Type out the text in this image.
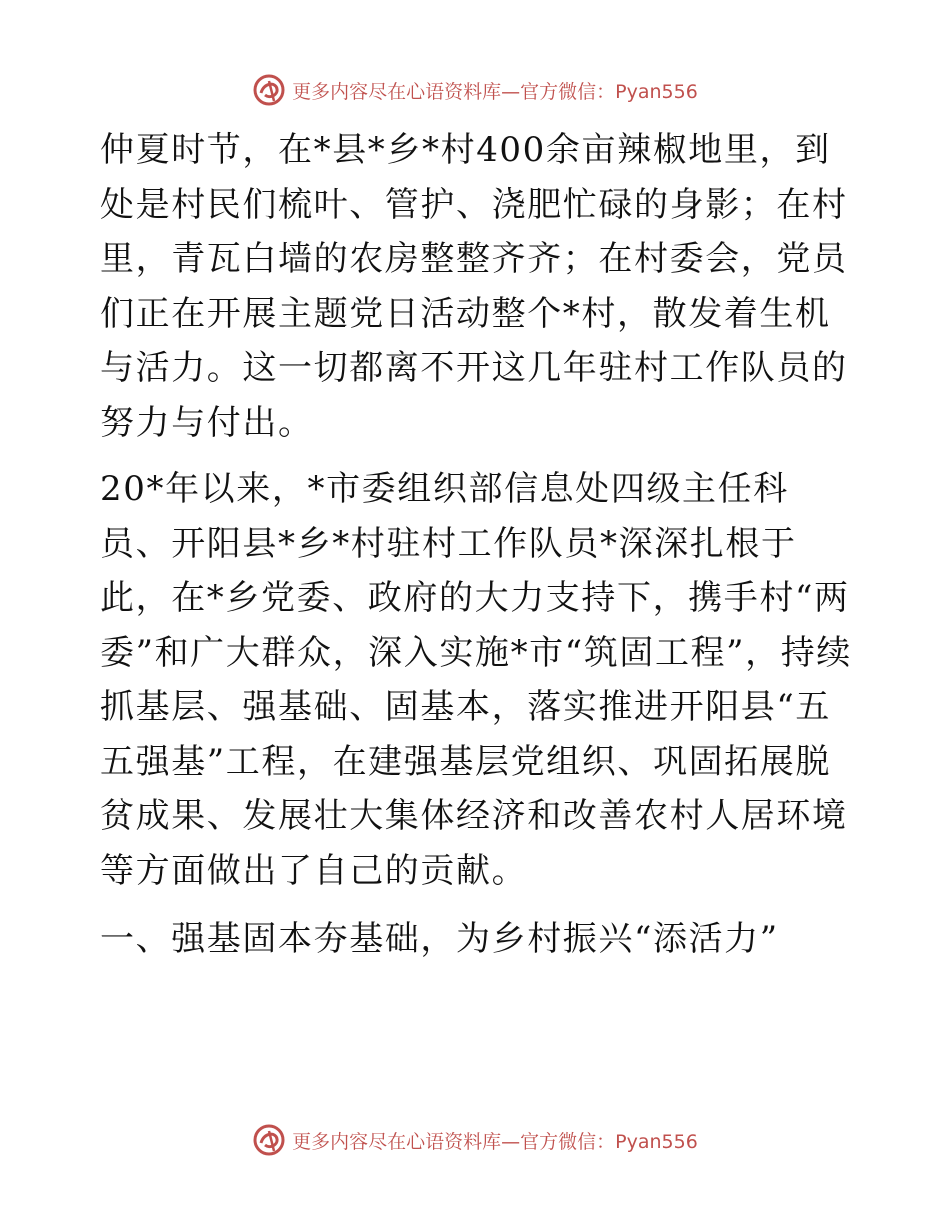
更多内容尽在心语资料库—官方微信：Pyan556

仲夏时节，在*县*乡*村400余亩辣椒地里，到处是村民们梳叶、管护、浇肥忙碌的身影；在村里，青瓦白墙的农房整整齐齐；在村委会，党员们正在开展主题党日活动整个*村，散发着生机与活力。这一切都离不开这几年驻村工作队员的努力与付出。

20*年以来，*市委组织部信息处四级主任科员、开阳县*乡*村驻村工作队员*深深扎根于此，在*乡党委、政府的大力支持下，携手村“两委”和广大群众，深入实施*市“筑固工程”，持续抓基层、强基础、固基本，落实推进开阳县“五五强基”工程，在建强基层党组织、巩固拓展脱贫成果、发展壮大集体经济和改善农村人居环境等方面做出了自己的贡献。

一、强基固本夯基础，为乡村振兴“添活力”

更多内容尽在心语资料库—官方微信：Pyan556
